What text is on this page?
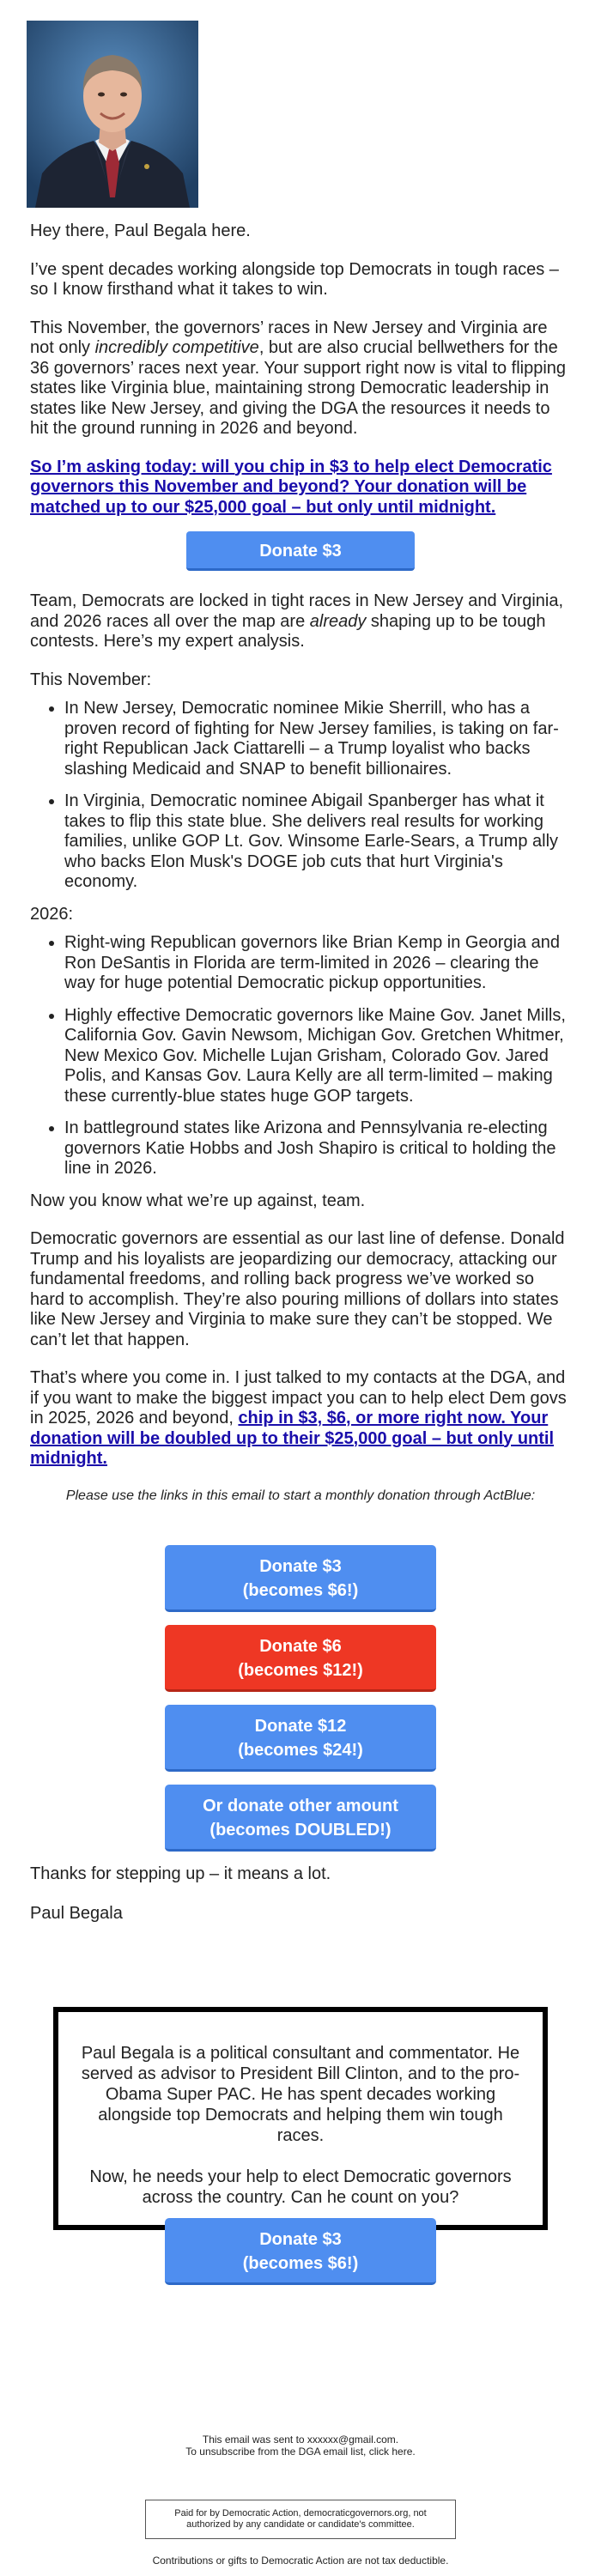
Hey there, Paul Begala here.

I’ve spent decades working alongside top Democrats in tough races – so I know firsthand what it takes to win.

This November, the governors’ races in New Jersey and Virginia are not only incredibly competitive, but are also crucial bellwethers for the 36 governors’ races next year. Your support right now is vital to flipping states like Virginia blue, maintaining strong Democratic leadership in states like New Jersey, and giving the DGA the resources it needs to hit the ground running in 2026 and beyond.

So I’m asking today: will you chip in $3 to help elect Democratic governors this November and beyond? Your donation will be matched up to our $25,000 goal – but only until midnight.

Donate $3

Team, Democrats are locked in tight races in New Jersey and Virginia, and 2026 races all over the map are already shaping up to be tough contests. Here’s my expert analysis.

This November:

• In New Jersey, Democratic nominee Mikie Sherrill, who has a proven record of fighting for New Jersey families, is taking on far-right Republican Jack Ciattarelli – a Trump loyalist who backs slashing Medicaid and SNAP to benefit billionaires.
• In Virginia, Democratic nominee Abigail Spanberger has what it takes to flip this state blue. She delivers real results for working families, unlike GOP Lt. Gov. Winsome Earle-Sears, a Trump ally who backs Elon Musk's DOGE job cuts that hurt Virginia's economy.

2026:

• Right-wing Republican governors like Brian Kemp in Georgia and Ron DeSantis in Florida are term-limited in 2026 – clearing the way for huge potential Democratic pickup opportunities.
• Highly effective Democratic governors like Maine Gov. Janet Mills, California Gov. Gavin Newsom, Michigan Gov. Gretchen Whitmer, New Mexico Gov. Michelle Lujan Grisham, Colorado Gov. Jared Polis, and Kansas Gov. Laura Kelly are all term-limited – making these currently-blue states huge GOP targets.
• In battleground states like Arizona and Pennsylvania re-electing governors Katie Hobbs and Josh Shapiro is critical to holding the line in 2026.

Now you know what we’re up against, team.

Democratic governors are essential as our last line of defense. Donald Trump and his loyalists are jeopardizing our democracy, attacking our fundamental freedoms, and rolling back progress we’ve worked so hard to accomplish. They’re also pouring millions of dollars into states like New Jersey and Virginia to make sure they can’t be stopped. We can’t let that happen.

That’s where you come in. I just talked to my contacts at the DGA, and if you want to make the biggest impact you can to help elect Dem govs in 2025, 2026 and beyond, chip in $3, $6, or more right now. Your donation will be doubled up to their $25,000 goal – but only until midnight.

Please use the links in this email to start a monthly donation through ActBlue:

Donate $3
(becomes $6!)
Donate $6
(becomes $12!)
Donate $12
(becomes $24!)
Or donate other amount
(becomes DOUBLED!)

Thanks for stepping up – it means a lot.

Paul Begala

Paul Begala is a political consultant and commentator. He served as advisor to President Bill Clinton, and to the pro-Obama Super PAC. He has spent decades working alongside top Democrats and helping them win tough races.

Now, he needs your help to elect Democratic governors across the country. Can he count on you?

Donate $3
(becomes $6!)
This email was sent to xxxxxx@gmail.com.
To unsubscribe from the DGA email list, click here.
Paid for by Democratic Action, democraticgovernors.org, not authorized by any candidate or candidate's committee.
Contributions or gifts to Democratic Action are not tax deductible.
